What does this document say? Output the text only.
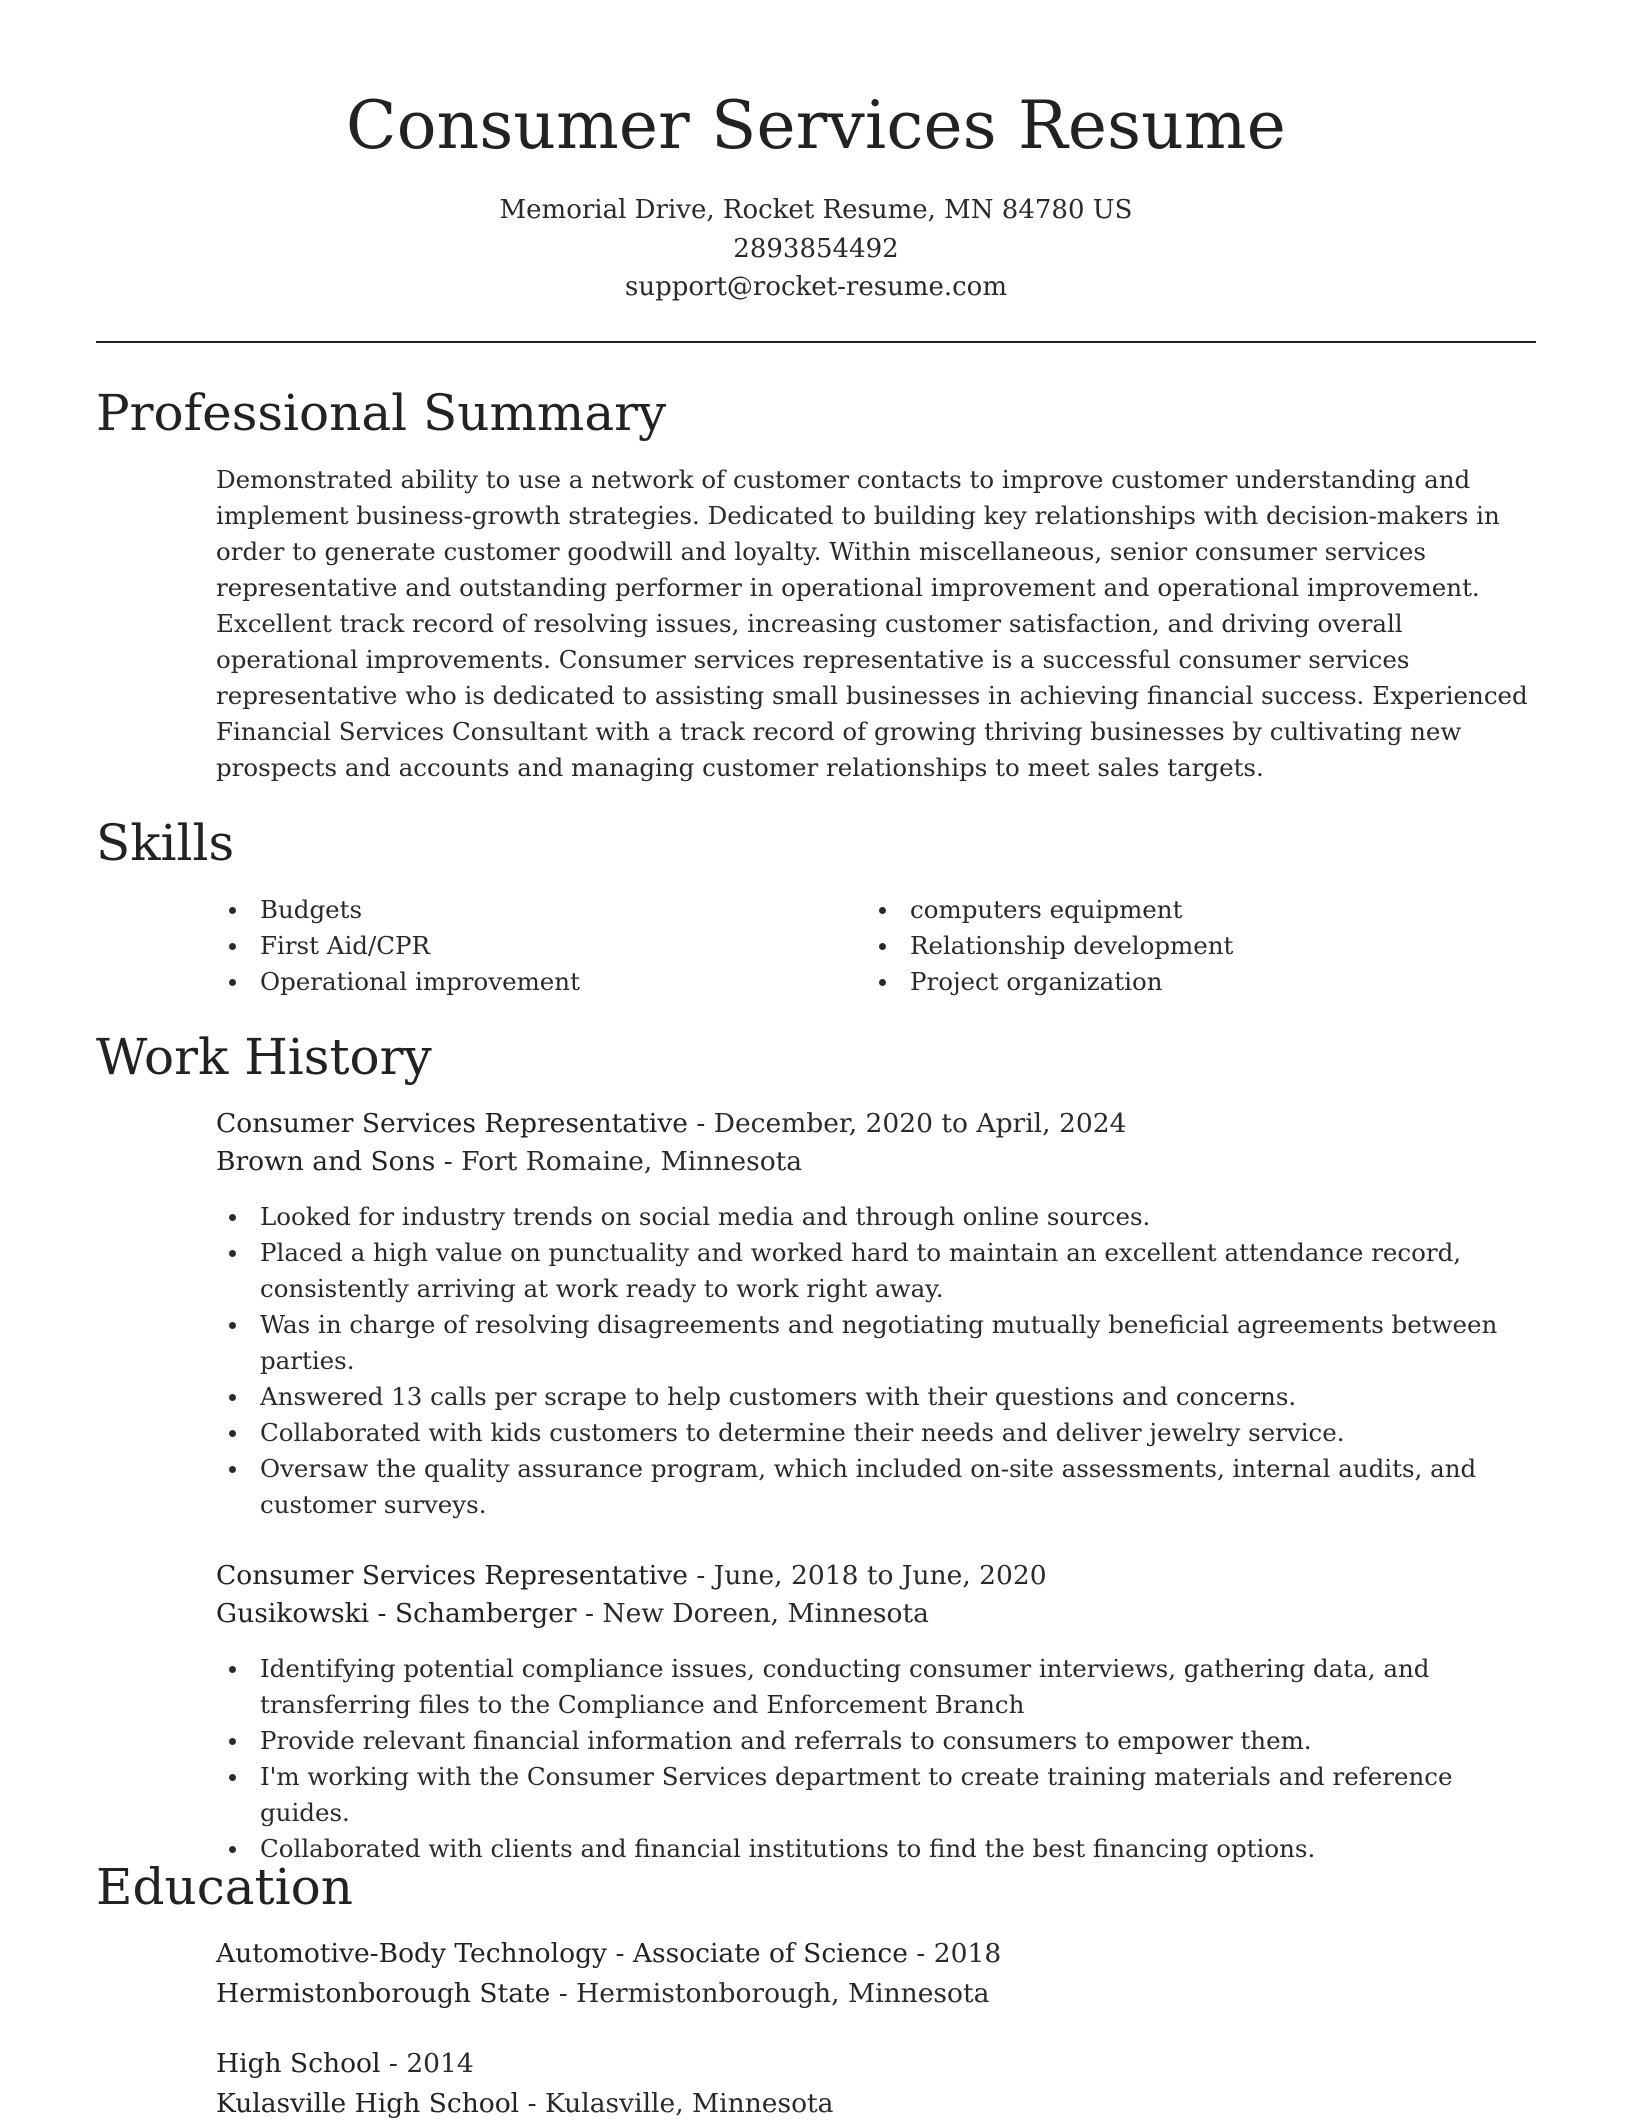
Consumer Services Resume
Memorial Drive, Rocket Resume, MN 84780 US
2893854492
support@rocket-resume.com
Professional Summary

Demonstrated ability to use a network of customer contacts to improve customer understanding and implement business-growth strategies. Dedicated to building key relationships with decision-makers in order to generate customer goodwill and loyalty. Within miscellaneous, senior consumer services representative and outstanding performer in operational improvement and operational improvement. Excellent track record of resolving issues, increasing customer satisfaction, and driving overall operational improvements. Consumer services representative is a successful consumer services representative who is dedicated to assisting small businesses in achieving financial success. Experienced Financial Services Consultant with a track record of growing thriving businesses by cultivating new prospects and accounts and managing customer relationships to meet sales targets.

Skills
Budgets
First Aid/CPR
Operational improvement
computers equipment
Relationship development
Project organization
Work History
Consumer Services Representative - December, 2020 to April, 2024
Brown and Sons - Fort Romaine, Minnesota
Looked for industry trends on social media and through online sources.
Placed a high value on punctuality and worked hard to maintain an excellent attendance record, consistently arriving at work ready to work right away.
Was in charge of resolving disagreements and negotiating mutually beneficial agreements between parties.
Answered 13 calls per scrape to help customers with their questions and concerns.
Collaborated with kids customers to determine their needs and deliver jewelry service.
Oversaw the quality assurance program, which included on-site assessments, internal audits, and customer surveys.
Consumer Services Representative - June, 2018 to June, 2020
Gusikowski - Schamberger - New Doreen, Minnesota
Identifying potential compliance issues, conducting consumer interviews, gathering data, and transferring files to the Compliance and Enforcement Branch
Provide relevant financial information and referrals to consumers to empower them.
I'm working with the Consumer Services department to create training materials and reference guides.
Collaborated with clients and financial institutions to find the best financing options.
Education
Automotive-Body Technology - Associate of Science - 2018
Hermistonborough State - Hermistonborough, Minnesota
High School - 2014
Kulasville High School - Kulasville, Minnesota
